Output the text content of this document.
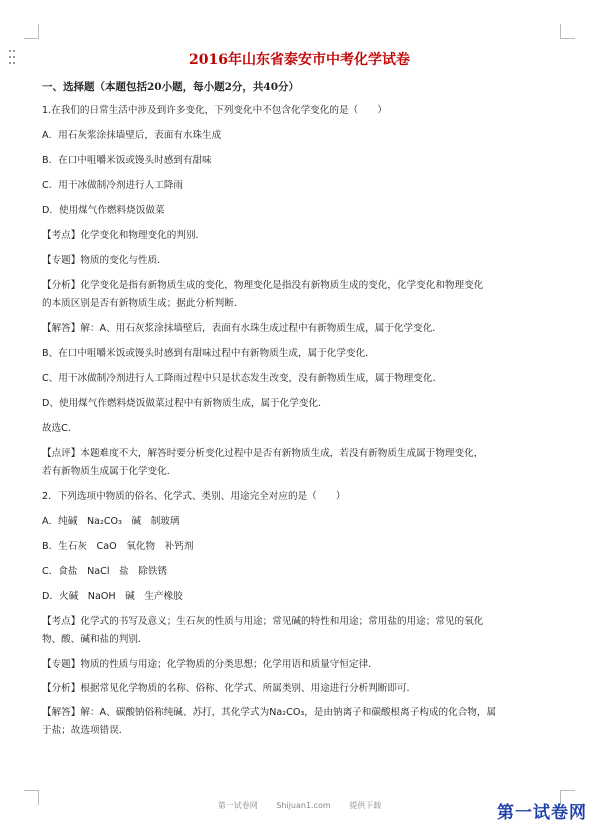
2016年山东省泰安市中考化学试卷
一、选择题（本题包括20小题，每小题2分，共40分）
1.在我们的日常生活中涉及到许多变化，下列变化中不包含化学变化的是（　　）
A．用石灰浆涂抹墙壁后，表面有水珠生成
B．在口中咀嚼米饭或馒头时感到有甜味
C．用干冰做制冷剂进行人工降雨
D．使用煤气作燃料烧饭做菜
【考点】化学变化和物理变化的判别．
【专题】物质的变化与性质．
【分析】化学变化是指有新物质生成的变化，物理变化是指没有新物质生成的变化，化学变化和物理变化
的本质区别是否有新物质生成；据此分析判断．
【解答】解：A、用石灰浆涂抹墙壁后，表面有水珠生成过程中有新物质生成，属于化学变化．
B、在口中咀嚼米饭或馒头时感到有甜味过程中有新物质生成，属于化学变化．
C、用干冰做制冷剂进行人工降雨过程中只是状态发生改变，没有新物质生成，属于物理变化．
D、使用煤气作燃料烧饭做菜过程中有新物质生成，属于化学变化．
故选C．
【点评】本题难度不大，解答时要分析变化过程中是否有新物质生成，若没有新物质生成属于物理变化，
若有新物质生成属于化学变化．
2．下列选项中物质的俗名、化学式、类别、用途完全对应的是（　　）
A．纯碱　Na₂CO₃　碱　制玻璃
B．生石灰　CaO　氧化物　补钙剂
C．食盐　NaCl　盐　除铁锈
D．火碱　NaOH　碱　生产橡胶
【考点】化学式的书写及意义；生石灰的性质与用途；常见碱的特性和用途；常用盐的用途；常见的氧化
物、酸、碱和盐的判别．
【专题】物质的性质与用途；化学物质的分类思想；化学用语和质量守恒定律．
【分析】根据常见化学物质的名称、俗称、化学式、所属类别、用途进行分析判断即可．
【解答】解：A、碳酸钠俗称纯碱、苏打，其化学式为Na₂CO₃，是由钠离子和碳酸根离子构成的化合物，属
于盐；故选项错误．
第一试卷网 Shijuan1.com 提供下载	第一试卷网
